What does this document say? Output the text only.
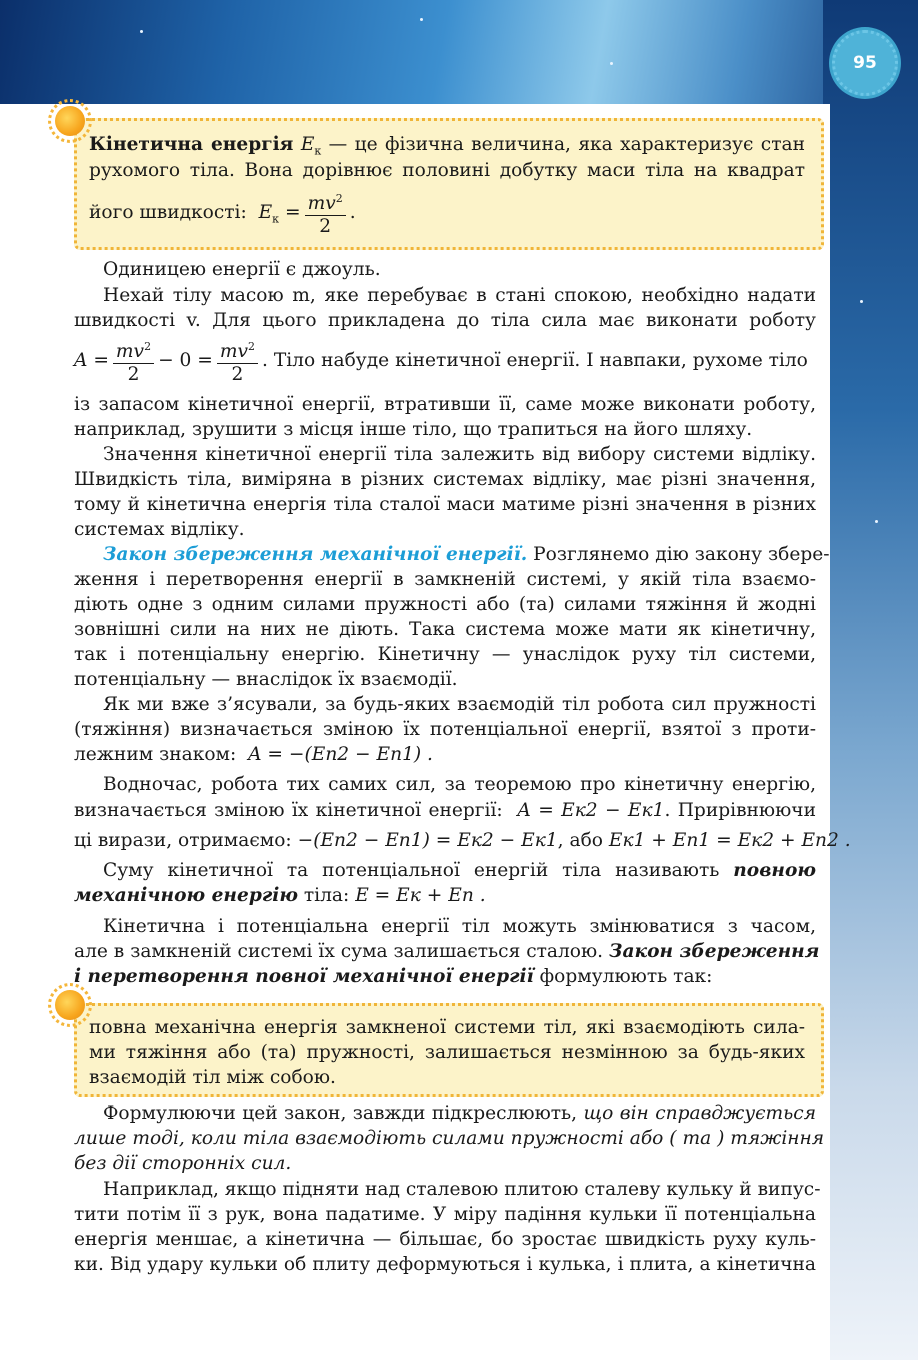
95
Кінетична енергія $E_к$ — це фізична величина, яка характеризує стан
рухомого тіла. Вона дорівнює половині добутку маси тіла на квадрат
його швидкості: $E_к = \frac{mv^2}{2}$ .
Одиницею енергії є джоуль.
Нехай тілу масою m, яке перебуває в стані спокою, необхідно надати
швидкості v. Для цього прикладена до тіла сила має виконати роботу
$A = \frac{mv^2}{2} - 0 = \frac{mv^2}{2}$ . Тіло набуде кінетичної енергії. І навпаки, рухоме тіло
із запасом кінетичної енергії, втративши її, саме може виконати роботу,
наприклад, зрушити з місця інше тіло, що трапиться на його шляху.
Значення кінетичної енергії тіла залежить від вибору системи відліку.
Швидкість тіла, виміряна в різних системах відліку, має різні значення,
тому й кінетична енергія тіла сталої маси матиме різні значення в різних
системах відліку.
Закон збереження механічної енергії. Розглянемо дію закону збере-
ження і перетворення енергії в замкненій системі, у якій тіла взаємо-
діють одне з одним силами пружності або (та) силами тяжіння й жодні
зовнішні сили на них не діють. Така система може мати як кінетичну,
так і потенціальну енергію. Кінетичну — унаслідок руху тіл системи,
потенціальну — внаслідок їх взаємодії.
Як ми вже з’ясували, за будь-яких взаємодій тіл робота сил пружності
(тяжіння) визначається зміною їх потенціальної енергії, взятої з проти-
лежним знаком: A = −(Eп2 − Eп1) .
Водночас, робота тих самих сил, за теоремою про кінетичну енергію,
визначається зміною їх кінетичної енергії: A = Eк2 − Eк1. Прирівнюючи
ці вирази, отримаємо: −(Eп2 − Eп1) = Eк2 − Eк1, або Eк1 + Eп1 = Eк2 + Eп2 .
Суму кінетичної та потенціальної енергій тіла називають повною
механічною енергію тіла: E = Eк + Eп .
Кінетична і потенціальна енергії тіл можуть змінюватися з часом,
але в замкненій системі їх сума залишається сталою. Закон збереження
і перетворення повної механічної енергії формулюють так:
повна механічна енергія замкненої системи тіл, які взаємодіють сила-
ми тяжіння або (та) пружності, залишається незмінною за будь-яких
взаємодій тіл між собою.
Формулюючи цей закон, завжди підкреслюють, що він справджується
лише тоді, коли тіла взаємодіють силами пружності або ( та ) тяжіння
без дії сторонніх сил.
Наприклад, якщо підняти над сталевою плитою сталеву кульку й випус-
тити потім її з рук, вона падатиме. У міру падіння кульки її потенціальна
енергія меншає, а кінетична — більшає, бо зростає швидкість руху куль-
ки. Від удару кульки об плиту деформуються і кулька, і плита, а кінетична
